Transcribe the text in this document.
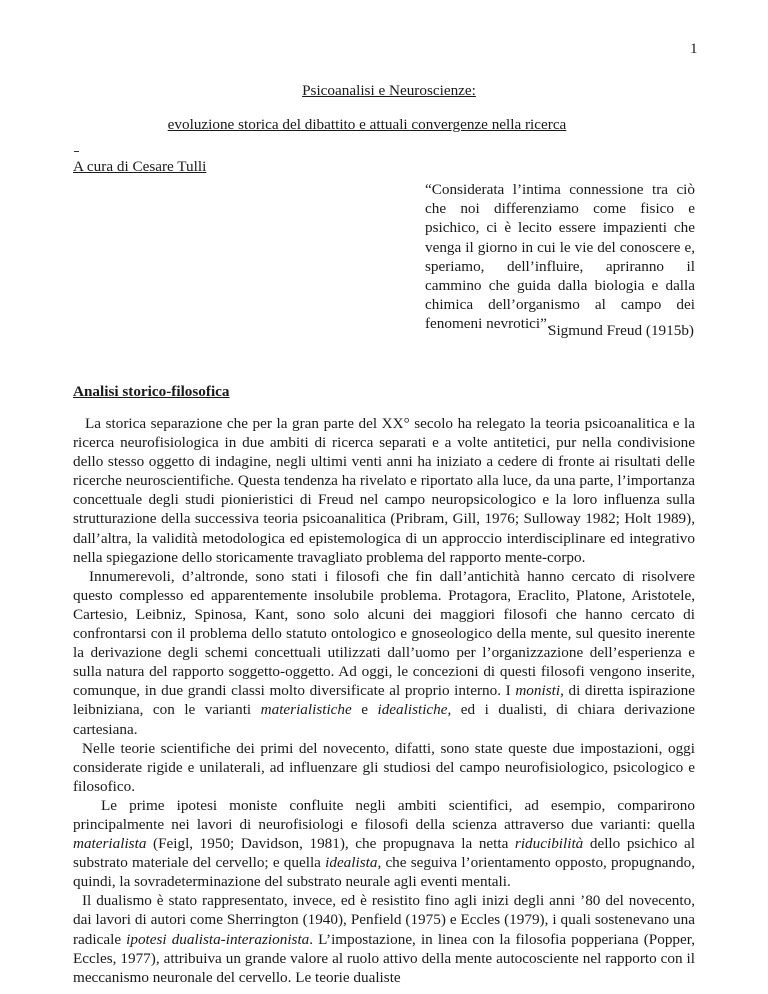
1
Psicoanalisi e Neuroscienze:
evoluzione storica del dibattito e attuali convergenze nella ricerca
A cura di Cesare Tulli
“Considerata l’intima connessione tra ciò che noi differenziamo come fisico e psichico, ci è lecito essere impazienti che venga il giorno in cui le vie del conoscere e, speriamo, dell’influire, apriranno il cammino che guida dalla biologia e dalla chimica dell’organismo al campo dei fenomeni nevrotici”.
Sigmund Freud (1915b)
Analisi storico-filosofica

La storica separazione che per la gran parte del XX° secolo ha relegato la teoria psicoanalitica e la ricerca neurofisiologica in due ambiti di ricerca separati e a volte antitetici, pur nella condivisione dello stesso oggetto di indagine, negli ultimi venti anni ha iniziato a cedere di fronte ai risultati delle ricerche neuroscientifiche. Questa tendenza ha rivelato e riportato alla luce, da una parte, l’importanza concettuale degli studi pionieristici di Freud nel campo neuropsicologico e la loro influenza sulla strutturazione della successiva teoria psicoanalitica (Pribram, Gill, 1976; Sulloway 1982; Holt 1989), dall’altra, la validità metodologica ed epistemologica di un approccio interdisciplinare ed integrativo nella spiegazione dello storicamente travagliato problema del rapporto mente-corpo.

Innumerevoli, d’altronde, sono stati i filosofi che fin dall’antichità hanno cercato di risolvere questo complesso ed apparentemente insolubile problema. Protagora, Eraclito, Platone, Aristotele, Cartesio, Leibniz, Spinosa, Kant, sono solo alcuni dei maggiori filosofi che hanno cercato di confrontarsi con il problema dello statuto ontologico e gnoseologico della mente, sul quesito inerente la derivazione degli schemi concettuali utilizzati dall’uomo per l’organizzazione dell’esperienza e sulla natura del rapporto soggetto-oggetto. Ad oggi, le concezioni di questi filosofi vengono inserite, comunque, in due grandi classi molto diversificate al proprio interno. I monisti, di diretta ispirazione leibniziana, con le varianti materialistiche e idealistiche, ed i dualisti, di chiara derivazione cartesiana.

Nelle teorie scientifiche dei primi del novecento, difatti, sono state queste due impostazioni, oggi considerate rigide e unilaterali, ad influenzare gli studiosi del campo neurofisiologico, psicologico e filosofico.

Le prime ipotesi moniste confluite negli ambiti scientifici, ad esempio, comparirono principalmente nei lavori di neurofisiologi e filosofi della scienza attraverso due varianti: quella materialista (Feigl, 1950; Davidson, 1981), che propugnava la netta riducibilità dello psichico al substrato materiale del cervello; e quella idealista, che seguiva l’orientamento opposto, propugnando, quindi, la sovradeterminazione del substrato neurale agli eventi mentali.

Il dualismo è stato rappresentato, invece, ed è resistito fino agli inizi degli anni ’80 del novecento, dai lavori di autori come Sherrington (1940), Penfield (1975) e Eccles (1979), i quali sostenevano una radicale ipotesi dualista-interazionista. L’impostazione, in linea con la filosofia popperiana (Popper, Eccles, 1977), attribuiva un grande valore al ruolo attivo della mente autocosciente nel rapporto con il meccanismo neuronale del cervello. Le teorie dualiste
